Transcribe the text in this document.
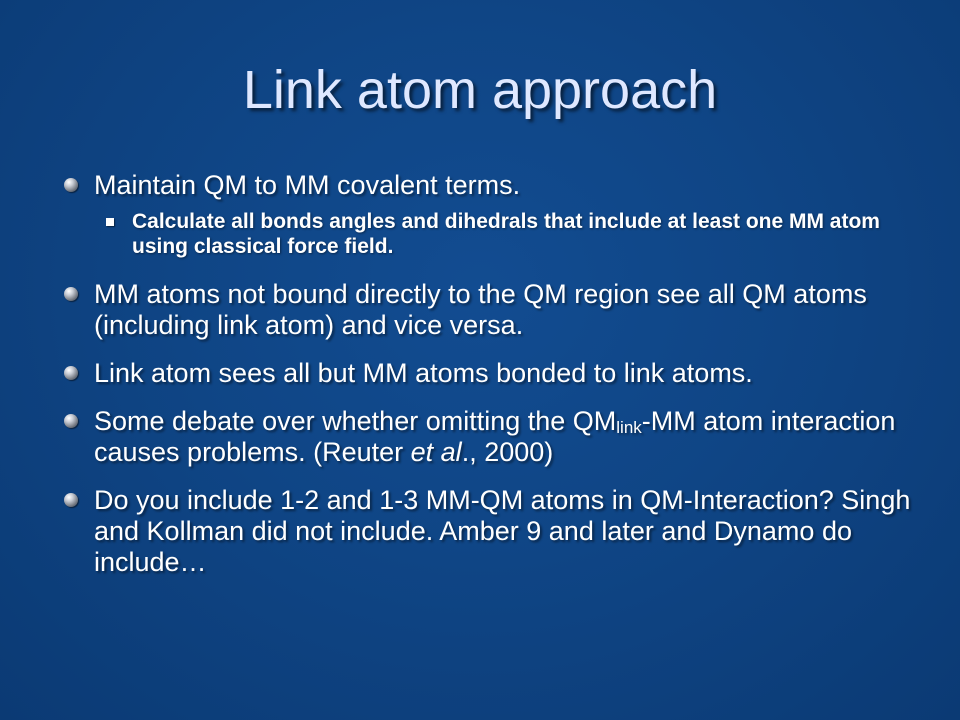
Link atom approach
Maintain QM to MM covalent terms.
Calculate all bonds angles and dihedrals that include at least one MM atom using classical force field.
MM atoms not bound directly to the QM region see all QM atoms (including link atom) and vice versa.
Link atom sees all but MM atoms bonded to link atoms.
Some debate over whether omitting the $QM_{link}-MM$ atom interaction causes problems. (Reuter et al., 2000)
Do you include 1-2 and 1-3 MM-QM atoms in QM-Interaction? Singh and Kollman did not include. Amber 9 and later and Dynamo do include…
